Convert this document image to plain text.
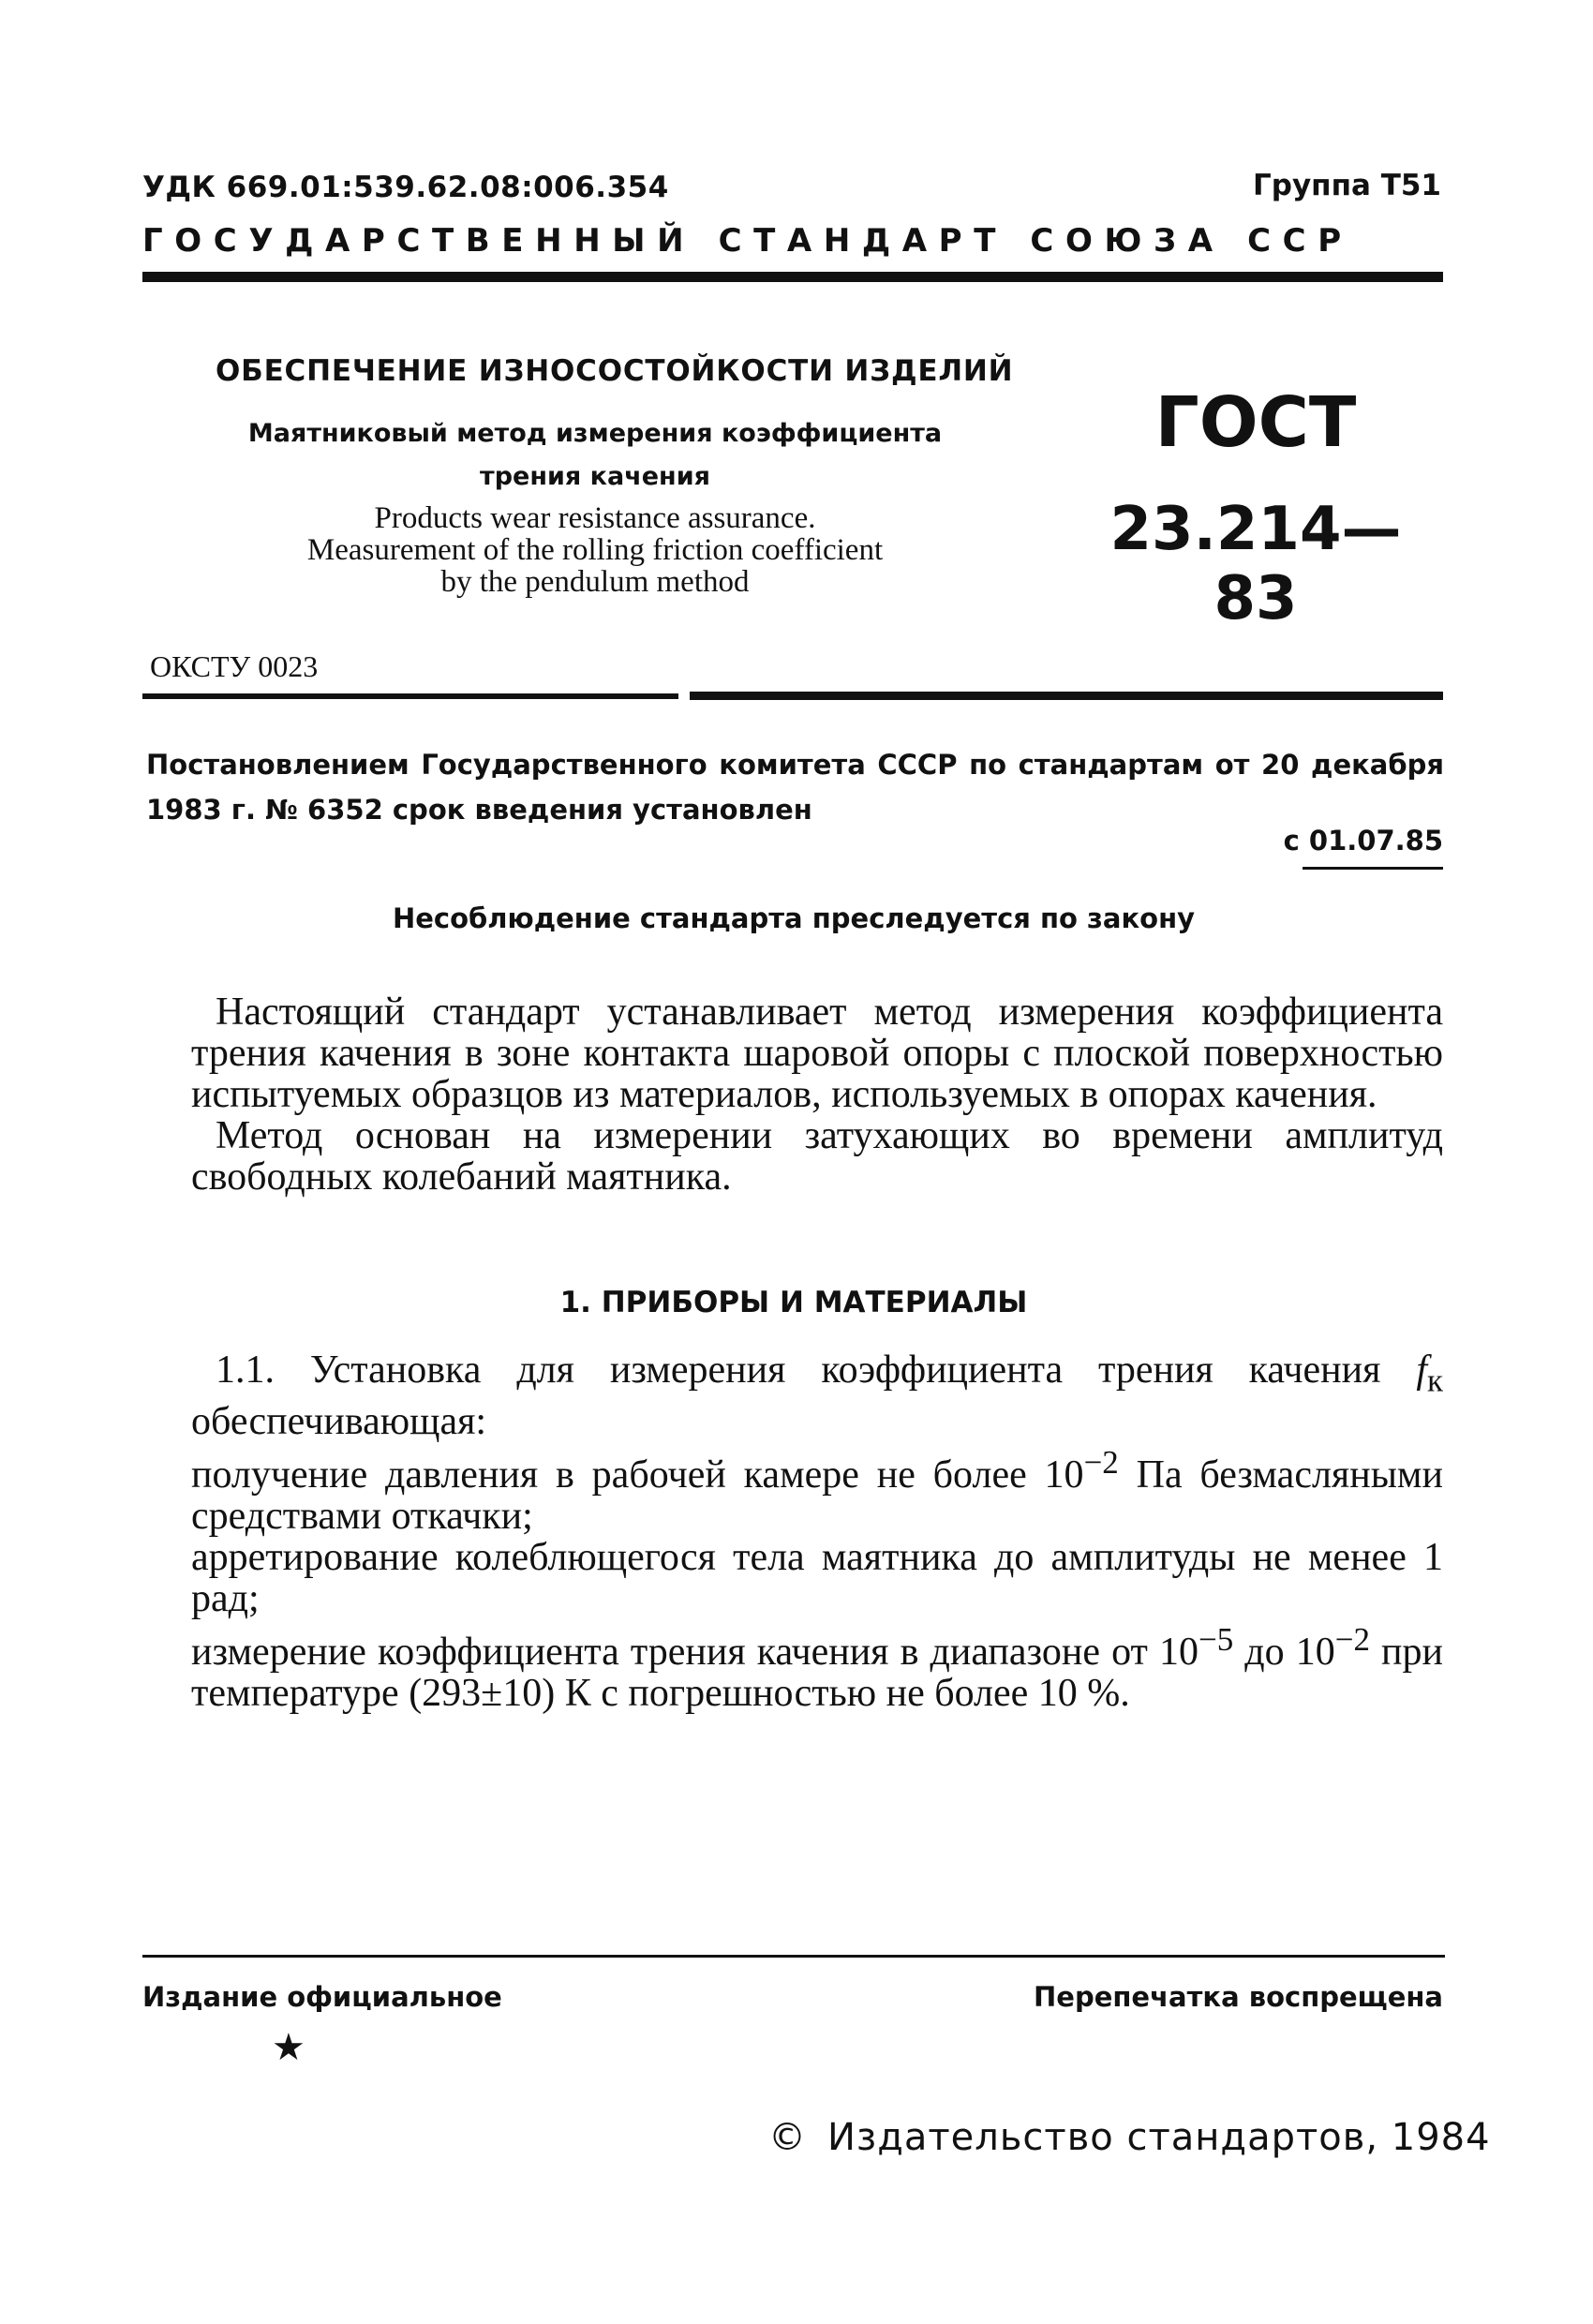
УДК 669.01:539.62.08:006.354	Группа Т51
ГОСУДАРСТВЕННЫЙ СТАНДАРТ СОЮЗА ССР
ОБЕСПЕЧЕНИЕ ИЗНОСОСТОЙКОСТИ ИЗДЕЛИЙ
Маятниковый метод измерения коэффициента
трения качения
Products wear resistance assurance.
Measurement of the rolling friction coefficient
by the pendulum method
ГОСТ
23.214—83
ОКСТУ 0023
Постановлением Государственного комитета СССР по стандартам от 20 декабря 1983 г. № 6352 срок введения установлен
с 01.07.85
Несоблюдение стандарта преследуется по закону

Настоящий стандарт устанавливает метод измерения коэффициента трения качения в зоне контакта шаровой опоры с плоской поверхностью испытуемых образцов из материалов, используемых в опорах качения.

Метод основан на измерении затухающих во времени амплитуд свободных колебаний маятника.

1. ПРИБОРЫ И МАТЕРИАЛЫ

1.1. Установка для измерения коэффициента трения качения $f_к$ обеспечивающая:

получение давления в рабочей камере не более $10^{-2}$ Па безмасляными средствами откачки;

арретирование колеблющегося тела маятника до амплитуды не менее 1 рад;

измерение коэффициента трения качения в диапазоне от $10^{-5}$ до $10^{-2}$ при температуре (293±10) К с погрешностью не более 10 %.

Издание официальное	Перепечатка воспрещена
★
© Издательство стандартов, 1984
